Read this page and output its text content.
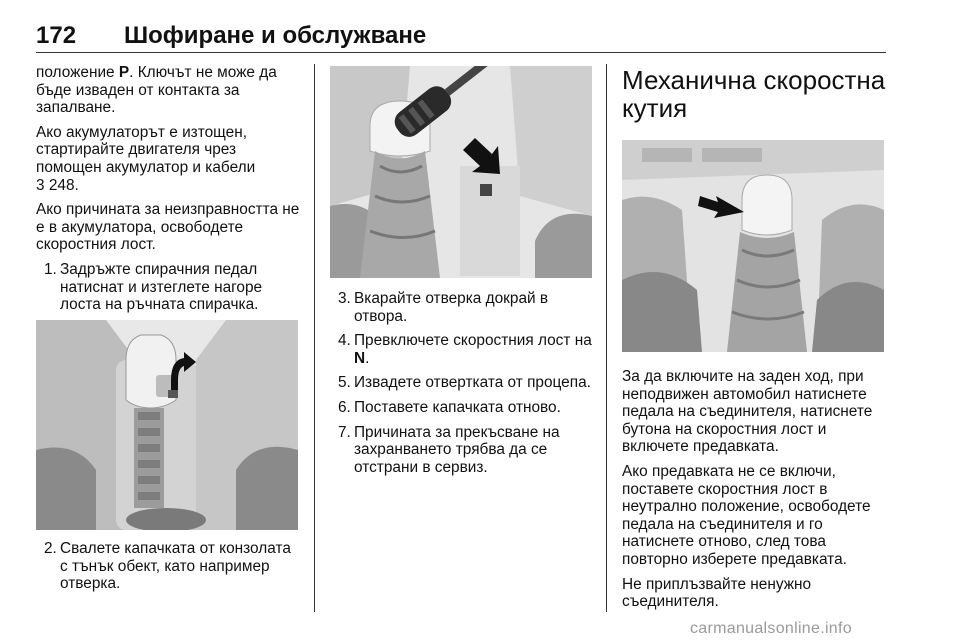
172 Шофиране и обслужване

положение P. Ключът не може да бъде изваден от контакта за запалване.

Ако акумулаторът е изтощен, стартирайте двигателя чрез помощен акумулатор и кабели
3 248.

Ако причината за неизправността не е в акумулатора, освободете скоростния лост.

1. Задръжте спирачния педал натиснат и изтеглете нагоре лоста на ръчната спирачка.
2. Свалете капачката от конзолата с тънък обект, като например отверка.
3. Вкарайте отверка докрай в отвора.
4. Превключете скоростния лост на N.
5. Извадете отвертката от процепа.
6. Поставете капачката отново.
7. Причината за прекъсване на захранването трябва да се отстрани в сервиз.
Механична скоростна кутия

За да включите на заден ход, при неподвижен автомобил натиснете педала на съединителя, натиснете бутона на скоростния лост и включете предавката.

Ако предавката не се включи, поставете скоростния лост в неутрално положение, освободете педала на съединителя и го натиснете отново, след това повторно изберете предавката.

Не приплъзвайте ненужно съединителя.

carmanualsonline.info
